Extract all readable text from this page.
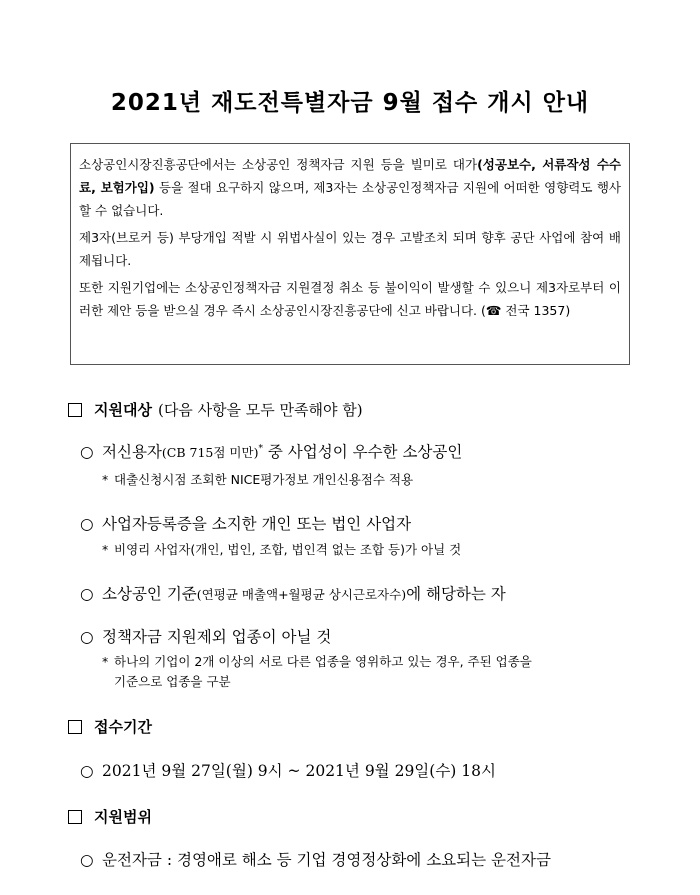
2021년 재도전특별자금 9월 접수 개시 안내

소상공인시장진흥공단에서는 소상공인 정책자금 지원 등을 빌미로 대가(성공보수, 서류작성 수수료, 보험가입) 등을 절대 요구하지 않으며, 제3자는 소상공인정책자금 지원에 어떠한 영향력도 행사 할 수 없습니다.

제3자(브로커 등) 부당개입 적발 시 위법사실이 있는 경우 고발조치 되며 향후 공단 사업에 참여 배제됩니다.

또한 지원기업에는 소상공인정책자금 지원결정 취소 등 불이익이 발생할 수 있으니 제3자로부터 이러한 제안 등을 받으실 경우 즉시 소상공인시장진흥공단에 신고 바랍니다. (☎ 전국 1357)

지원대상 (다음 사항을 모두 만족해야 함)
○ 저신용자(CB 715점 미만)* 중 사업성이 우수한 소상공인
* 대출신청시점 조회한 NICE평가정보 개인신용점수 적용
○ 사업자등록증을 소지한 개인 또는 법인 사업자
* 비영리 사업자(개인, 법인, 조합, 법인격 없는 조합 등)가 아닐 것
○ 소상공인 기준(연평균 매출액+월평균 상시근로자수)에 해당하는 자
○ 정책자금 지원제외 업종이 아닐 것
* 하나의 기업이 2개 이상의 서로 다른 업종을 영위하고 있는 경우, 주된 업종을
기준으로 업종을 구분
접수기간
○ 2021년 9월 27일(월) 9시 ~ 2021년 9월 29일(수) 18시
지원범위
○ 운전자금 : 경영애로 해소 등 기업 경영정상화에 소요되는 운전자금
